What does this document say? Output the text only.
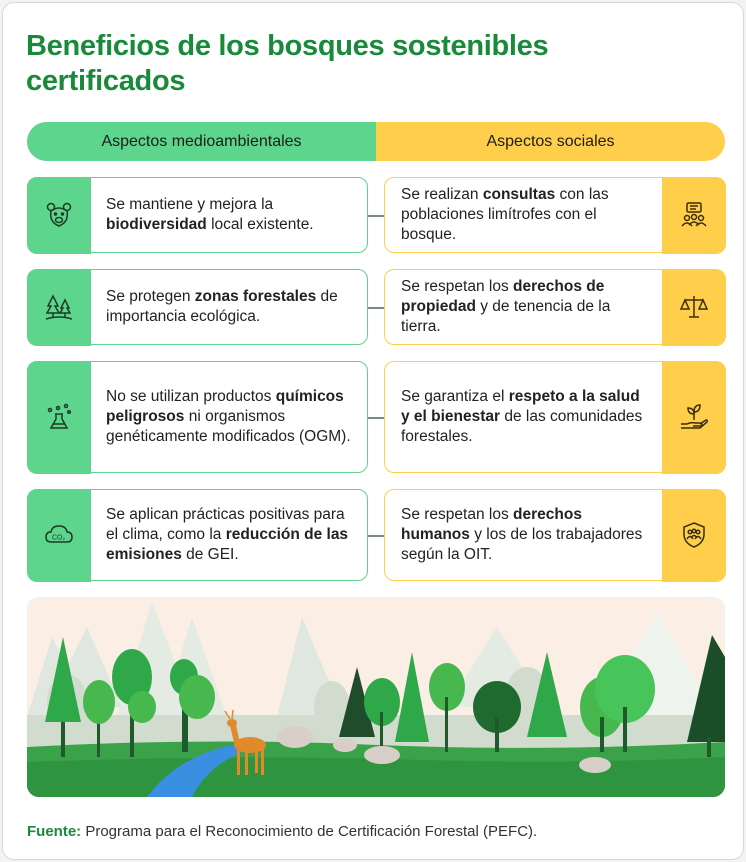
Beneficios de los bosques sostenibles certificados
Aspectos medioambientales	Aspectos sociales
Se mantiene y mejora la biodiversidad local existente.
Se protegen zonas forestales de importancia ecológica.
No se utilizan productos químicos peligrosos ni organismos genéticamente modificados (OGM).
CO₂
Se aplican prácticas positivas para el clima, como la reducción de las emisiones de GEI.
Se realizan consultas con las poblaciones limítrofes con el bosque.
Se respetan los derechos de propiedad y de tenencia de la tierra.
Se garantiza el respeto a la salud y el bienestar de las comunidades forestales.
Se respetan los derechos humanos y los de los trabajadores según la OIT.
Fuente: Programa para el Reconocimiento de Certificación Forestal (PEFC).
